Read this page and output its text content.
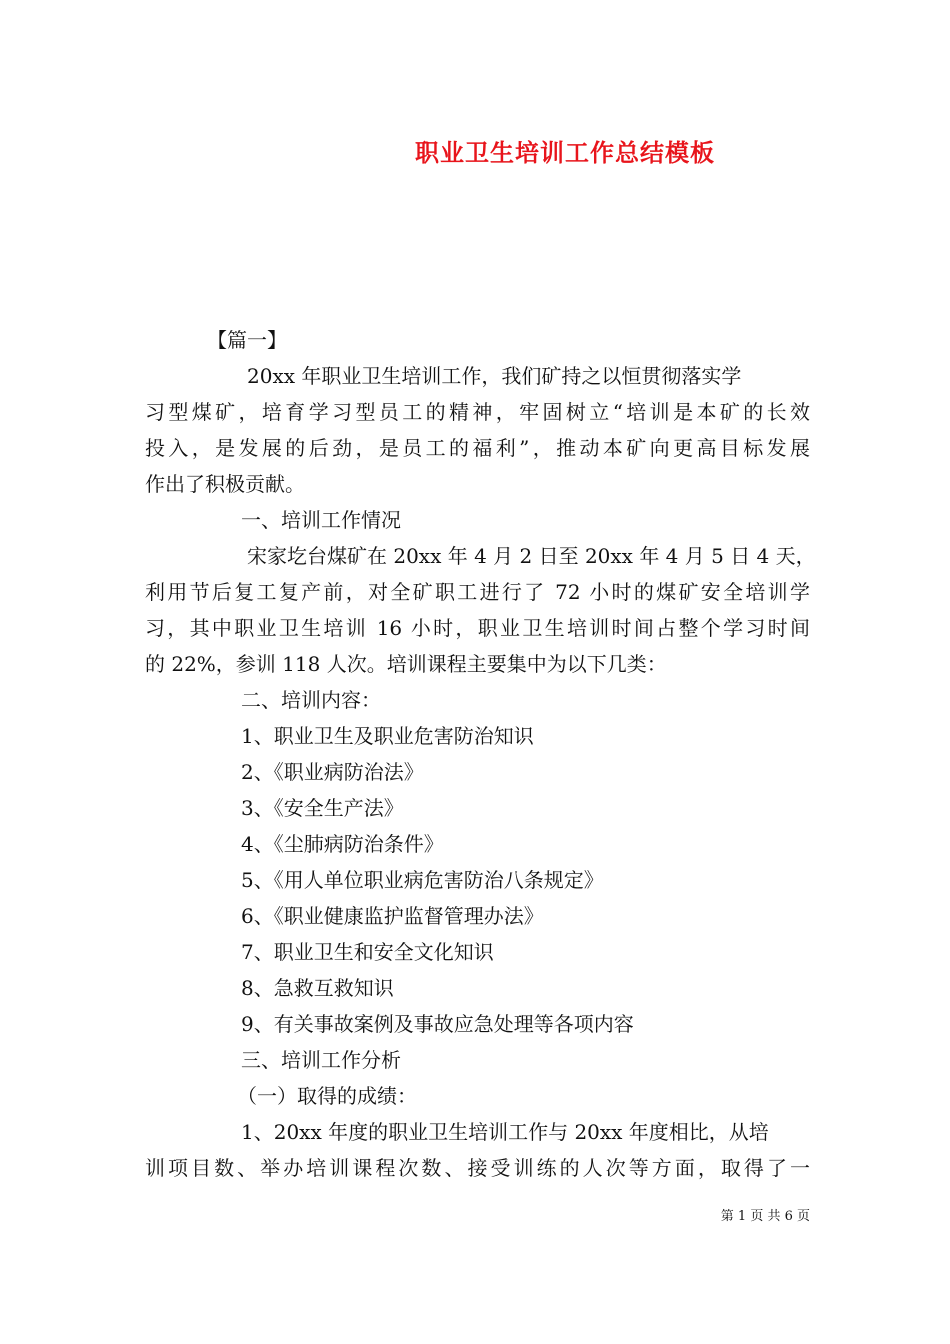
职业卫生培训工作总结模板
【篇一】
20xx 年职业卫生培训工作，我们矿持之以恒贯彻落实学
习型煤矿，培育学习型员工的精神，牢固树立“培训是本矿的长效
投入，是发展的后劲，是员工的福利”，推动本矿向更高目标发展
作出了积极贡献。
一、培训工作情况
宋家圪台煤矿在 20xx 年 4 月 2 日至 20xx 年 4 月 5 日 4 天，
利用节后复工复产前，对全矿职工进行了 72 小时的煤矿安全培训学
习，其中职业卫生培训 16 小时，职业卫生培训时间占整个学习时间
的 22%，参训 118 人次。培训课程主要集中为以下几类：
二、培训内容：
1、职业卫生及职业危害防治知识
2、《职业病防治法》
3、《安全生产法》
4、《尘肺病防治条件》
5、《用人单位职业病危害防治八条规定》
6、《职业健康监护监督管理办法》
7、职业卫生和安全文化知识
8、急救互救知识
9、有关事故案例及事故应急处理等各项内容
三、培训工作分析
（一）取得的成绩：
1、20xx 年度的职业卫生培训工作与 20xx 年度相比，从培
训项目数、举办培训课程次数、接受训练的人次等方面，取得了一
第 1 页 共 6 页
